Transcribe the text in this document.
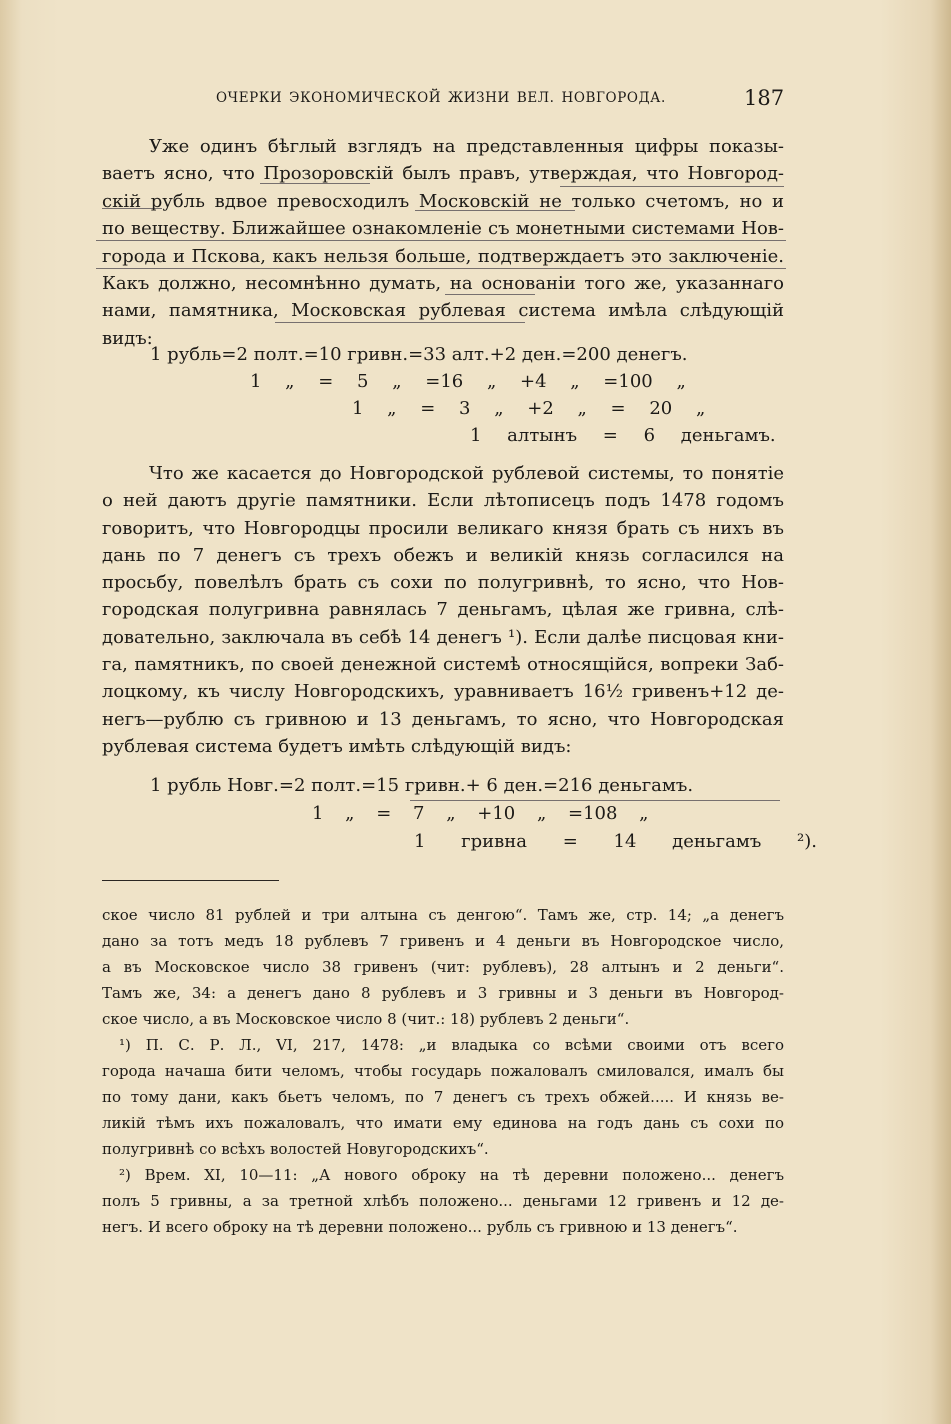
ОЧЕРКИ ЭКОНОМИЧЕСКОЙ ЖИЗНИ ВЕЛ. НОВГОРОДА.	187

Уже одинъ бѣглый взглядъ на представленныя цифры показы-

ваетъ ясно, что Прозоровскій былъ правъ, утверждая, что Новгород-

скій рубль вдвое превосходилъ Московскій не только счетомъ, но и

по веществу. Ближайшее ознакомленіе съ монетными системами Нов-

города и Пскова, какъ нельзя больше, подтверждаетъ это заключеніе.

Какъ должно, несомнѣнно думать, на основаніи того же, указаннаго

нами, памятника, Московская рублевая система имѣла слѣдующій видъ:

1 рубль=2 полт.=10 гривн.=33 алт.+2 ден.=200 денегъ.
1 „ = 5 „ =16 „ +4 „ =100 „
1 „ = 3 „ +2 „ = 20 „
1 алтынъ = 6 деньгамъ.

Что же касается до Новгородской рублевой системы, то понятіе

о ней даютъ другіе памятники. Если лѣтописецъ подъ 1478 годомъ

говоритъ, что Новгородцы просили великаго князя брать съ нихъ въ

дань по 7 денегъ съ трехъ обежъ и великій князь согласился на

просьбу, повелѣлъ брать съ сохи по полугривнѣ, то ясно, что Нов-

городская полугривна равнялась 7 деньгамъ, цѣлая же гривна, слѣ-

довательно, заключала въ себѣ 14 денегъ ¹). Если далѣе писцовая кни-

га, памятникъ, по своей денежной системѣ относящійся, вопреки Заб-

лоцкому, къ числу Новгородскихъ, уравниваетъ 16½ гривенъ+12 де-

негъ—рублю съ гривною и 13 деньгамъ, то ясно, что Новгородская

рублевая система будетъ имѣть слѣдующій видъ:

1 рубль Новг.=2 полт.=15 гривн.+ 6 ден.=216 деньгамъ.
1 „ = 7 „ +10 „ =108 „
1 гривна = 14 деньгамъ ²).
ское число 81 рублей и три алтына съ денгою“. Тамъ же, стр. 14; „а денегъ
дано за тотъ медъ 18 рублевъ 7 гривенъ и 4 деньги въ Новгородское число,
а въ Московское число 38 гривенъ (чит: рублевъ), 28 алтынъ и 2 деньги“.
Тамъ же, 34: а денегъ дано 8 рублевъ и 3 гривны и 3 деньги въ Новгород-
ское число, а въ Московское число 8 (чит.: 18) рублевъ 2 деньги“.
¹) П. С. Р. Л., VI, 217, 1478: „и владыка со всѣми своими отъ всего
города начаша бити челомъ, чтобы государь пожаловалъ смиловался, ималъ бы
по тому дани, какъ бьетъ челомъ, по 7 денегъ съ трехъ обжей..... И князь ве-
ликій тѣмъ ихъ пожаловалъ, что имати ему единова на годъ дань съ сохи по
полугривнѣ со всѣхъ волостей Новугородскихъ“.
²) Врем. XI, 10—11: „А нового оброку на тѣ деревни положено... денегъ
полъ 5 гривны, а за третной хлѣбъ положено... деньгами 12 гривенъ и 12 де-
негъ. И всего оброку на тѣ деревни положено... рубль съ гривною и 13 денегъ“.
